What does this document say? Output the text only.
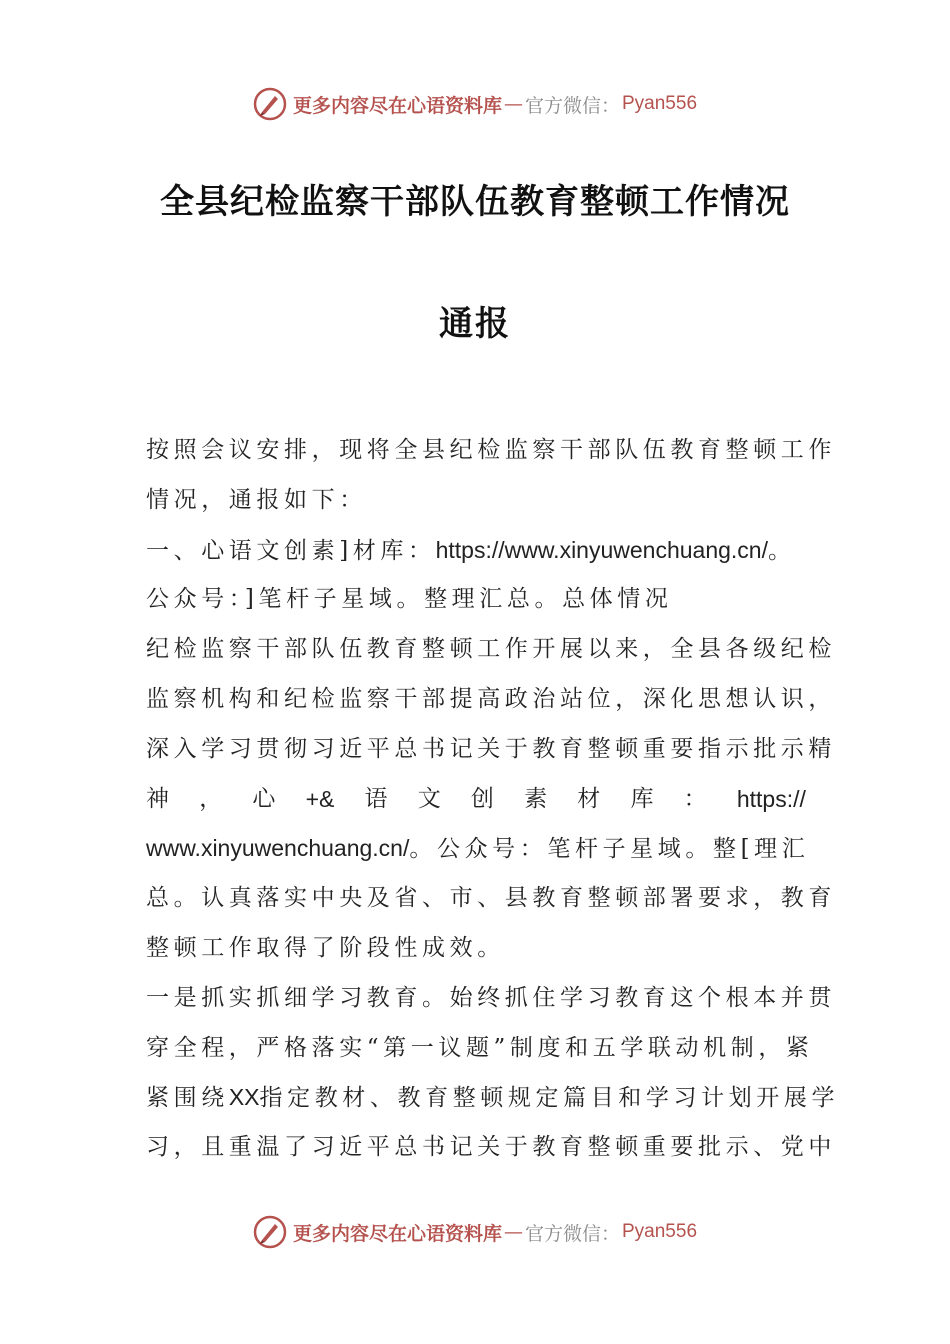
更多内容尽在心语资料库 — 官方微信： Pyan556
全县纪检监察干部队伍教育整顿工作情况
通报
按照会议安排，现将全县纪检监察干部队伍教育整顿工作
情况，通报如下：
一、心语文创素]材库：https://www.xinyuwenchuang.cn/。
公众号：]笔杆子星域。整理汇总。总体情况
纪检监察干部队伍教育整顿工作开展以来，全县各级纪检
监察机构和纪检监察干部提高政治站位，深化思想认识，
深入学习贯彻习近平总书记关于教育整顿重要指示批示精
神 ， 心 +& 语 文 创 素 材 库 ： https://
www.xinyuwenchuang.cn/。公众号：笔杆子星域。整[理汇
总。认真落实中央及省、市、县教育整顿部署要求，教育
整顿工作取得了阶段性成效。
一是抓实抓细学习教育。始终抓住学习教育这个根本并贯
穿全程，严格落实“第一议题”制度和五学联动机制，紧
紧围绕XX指定教材、教育整顿规定篇目和学习计划开展学
习，且重温了习近平总书记关于教育整顿重要批示、党中
更多内容尽在心语资料库 — 官方微信： Pyan556
